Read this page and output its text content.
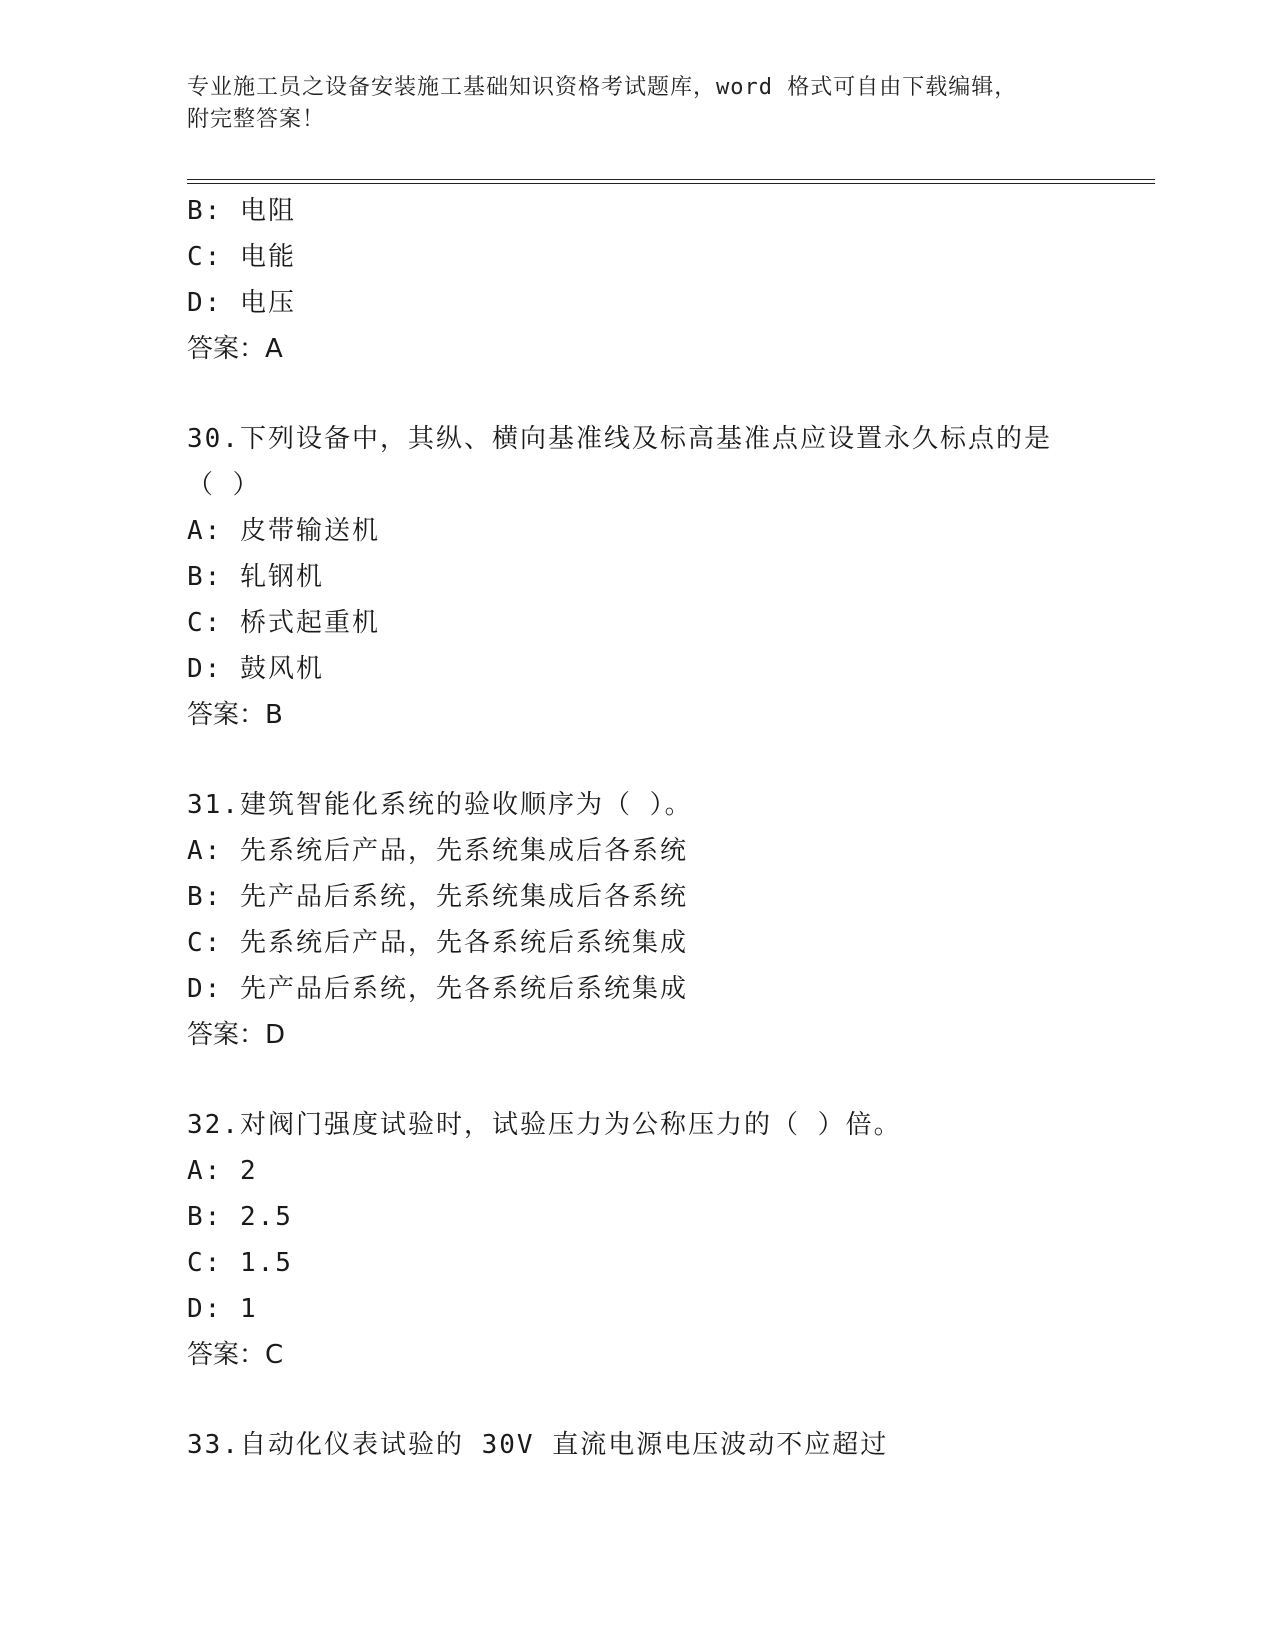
专业施工员之设备安装施工基础知识资格考试题库，word 格式可自由下载编辑，
附完整答案！
B: 电阻
C: 电能
D: 电压
答案：A
30.下列设备中，其纵、横向基准线及标高基准点应设置永久标点的是
（ ）
A: 皮带输送机
B: 轧钢机
C: 桥式起重机
D: 鼓风机
答案：B
31.建筑智能化系统的验收顺序为（ ）。
A: 先系统后产品，先系统集成后各系统
B: 先产品后系统，先系统集成后各系统
C: 先系统后产品，先各系统后系统集成
D: 先产品后系统，先各系统后系统集成
答案：D
32.对阀门强度试验时，试验压力为公称压力的（ ）倍。
A: 2
B: 2.5
C: 1.5
D: 1
答案：C
33.自动化仪表试验的 30V 直流电源电压波动不应超过
